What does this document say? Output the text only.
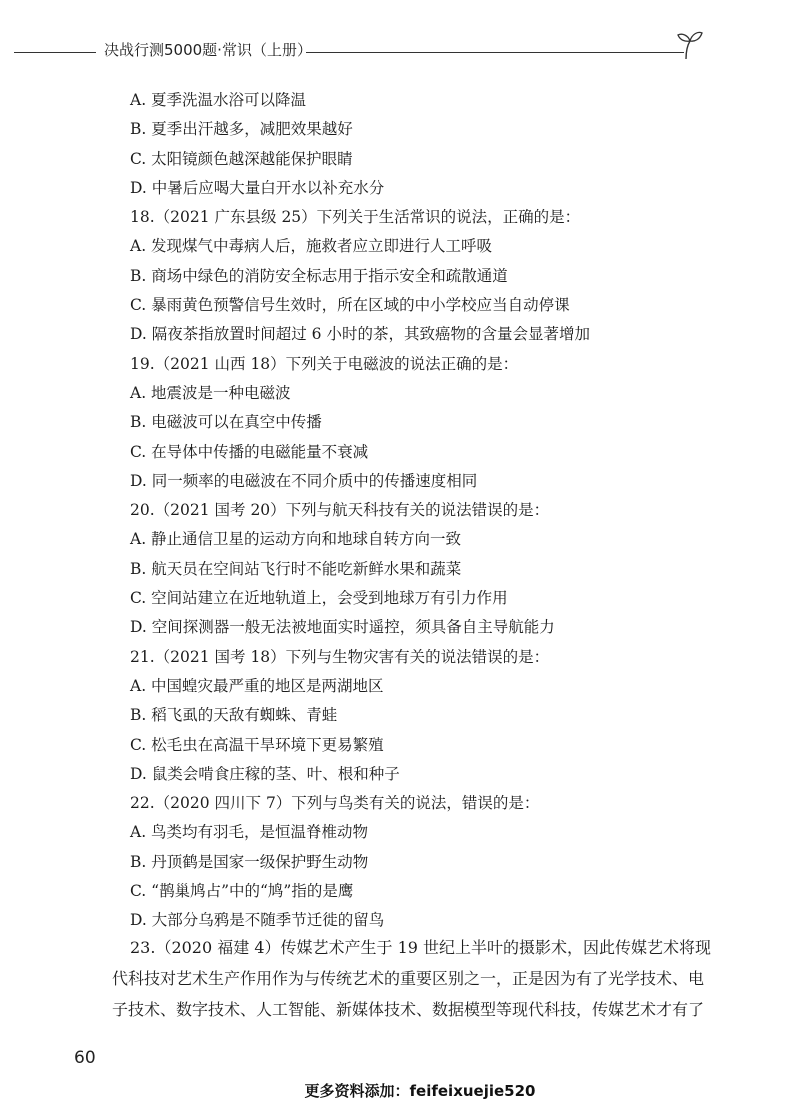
决战行测5000题·常识（上册）
A. 夏季洗温水浴可以降温
B. 夏季出汗越多，减肥效果越好
C. 太阳镜颜色越深越能保护眼睛
D. 中暑后应喝大量白开水以补充水分
18.（2021 广东县级 25）下列关于生活常识的说法，正确的是：
A. 发现煤气中毒病人后，施救者应立即进行人工呼吸
B. 商场中绿色的消防安全标志用于指示安全和疏散通道
C. 暴雨黄色预警信号生效时，所在区域的中小学校应当自动停课
D. 隔夜茶指放置时间超过 6 小时的茶，其致癌物的含量会显著增加
19.（2021 山西 18）下列关于电磁波的说法正确的是：
A. 地震波是一种电磁波
B. 电磁波可以在真空中传播
C. 在导体中传播的电磁能量不衰减
D. 同一频率的电磁波在不同介质中的传播速度相同
20.（2021 国考 20）下列与航天科技有关的说法错误的是：
A. 静止通信卫星的运动方向和地球自转方向一致
B. 航天员在空间站飞行时不能吃新鲜水果和蔬菜
C. 空间站建立在近地轨道上，会受到地球万有引力作用
D. 空间探测器一般无法被地面实时遥控，须具备自主导航能力
21.（2021 国考 18）下列与生物灾害有关的说法错误的是：
A. 中国蝗灾最严重的地区是两湖地区
B. 稻飞虱的天敌有蜘蛛、青蛙
C. 松毛虫在高温干旱环境下更易繁殖
D. 鼠类会啃食庄稼的茎、叶、根和种子
22.（2020 四川下 7）下列与鸟类有关的说法，错误的是：
A. 鸟类均有羽毛，是恒温脊椎动物
B. 丹顶鹤是国家一级保护野生动物
C. “鹊巢鸠占”中的“鸠”指的是鹰
D. 大部分乌鸦是不随季节迁徙的留鸟
23.（2020 福建 4）传媒艺术产生于 19 世纪上半叶的摄影术，因此传媒艺术将现
代科技对艺术生产作用作为与传统艺术的重要区别之一，正是因为有了光学技术、电
子技术、数字技术、人工智能、新媒体技术、数据模型等现代科技，传媒艺术才有了
60
更多资料添加：feifeixuejie520
